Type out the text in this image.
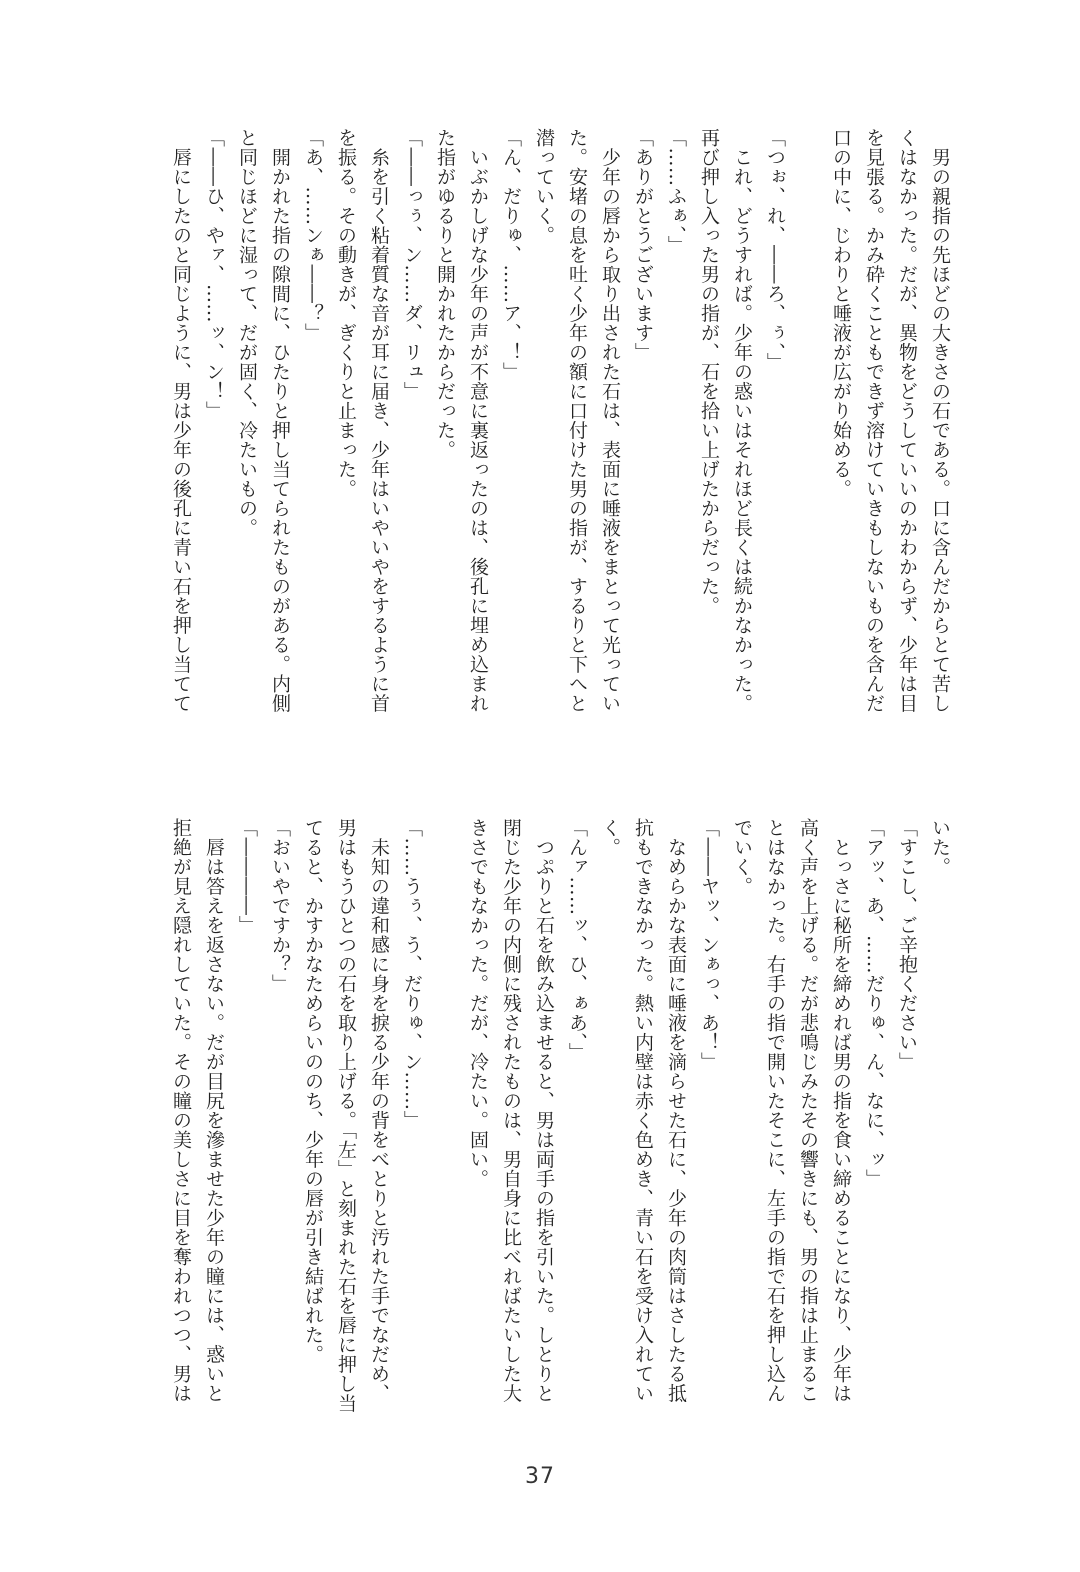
　男の親指の先ほどの大きさの石である。口に含んだからとて苦し
くはなかった。だが、異物をどうしていいのかわからず、少年は目
を見張る。かみ砕くこともできず溶けていきもしないものを含んだ
口の中に、じわりと唾液が広がり始める。
「つぉ、れ、――ろ、ぅ、」
　これ、どうすれば。少年の惑いはそれほど長くは続かなかった。
再び押し入った男の指が、石を拾い上げたからだった。
「……ふぁ、」
「ありがとうございます」
　少年の唇から取り出された石は、表面に唾液をまとって光ってい
た。安堵の息を吐く少年の額に口付けた男の指が、するりと下へと
潜っていく。
「ん、だりゅ、……ア、！」
　いぶかしげな少年の声が不意に裏返ったのは、後孔に埋め込まれ
た指がゆるりと開かれたからだった。
「――っぅ、ン……ダ、リュ」
　糸を引く粘着質な音が耳に届き、少年はいやいやをするように首
を振る。その動きが、ぎくりと止まった。
「あ、……ンぁ――？」
　開かれた指の隙間に、ひたりと押し当てられたものがある。内側
と同じほどに湿って、だが固く、冷たいもの。
「――ひ、やァ、……ッ、ン！」
　唇にしたのと同じように、男は少年の後孔に青い石を押し当てて
いた。
「すこし、ご辛抱ください」
「アッ、あ、……だりゅ、ん、なに、ッ」
　とっさに秘所を締めれば男の指を食い締めることになり、少年は
高く声を上げる。だが悲鳴じみたその響きにも、男の指は止まるこ
とはなかった。右手の指で開いたそこに、左手の指で石を押し込ん
でいく。
「――ヤッ、ンぁっ、あ！」
　なめらかな表面に唾液を滴らせた石に、少年の肉筒はさしたる抵
抗もできなかった。熱い内壁は赤く色めき、青い石を受け入れてい
く。
「んァ……ッ、ひ、ぁあ、」
　つぷりと石を飲み込ませると、男は両手の指を引いた。しとりと
閉じた少年の内側に残されたものは、男自身に比べればたいした大
きさでもなかった。だが、冷たい。固い。
「……うぅ、う、だりゅ、ン……」
　未知の違和感に身を捩る少年の背をべとりと汚れた手でなだめ、
男はもうひとつの石を取り上げる。「左」と刻まれた石を唇に押し当
てると、かすかなためらいののち、少年の唇が引き結ばれた。
「おいやですか？」
「――――」
　唇は答えを返さない。だが目尻を滲ませた少年の瞳には、惑いと
拒絶が見え隠れしていた。その瞳の美しさに目を奪われつつ、男は
37
